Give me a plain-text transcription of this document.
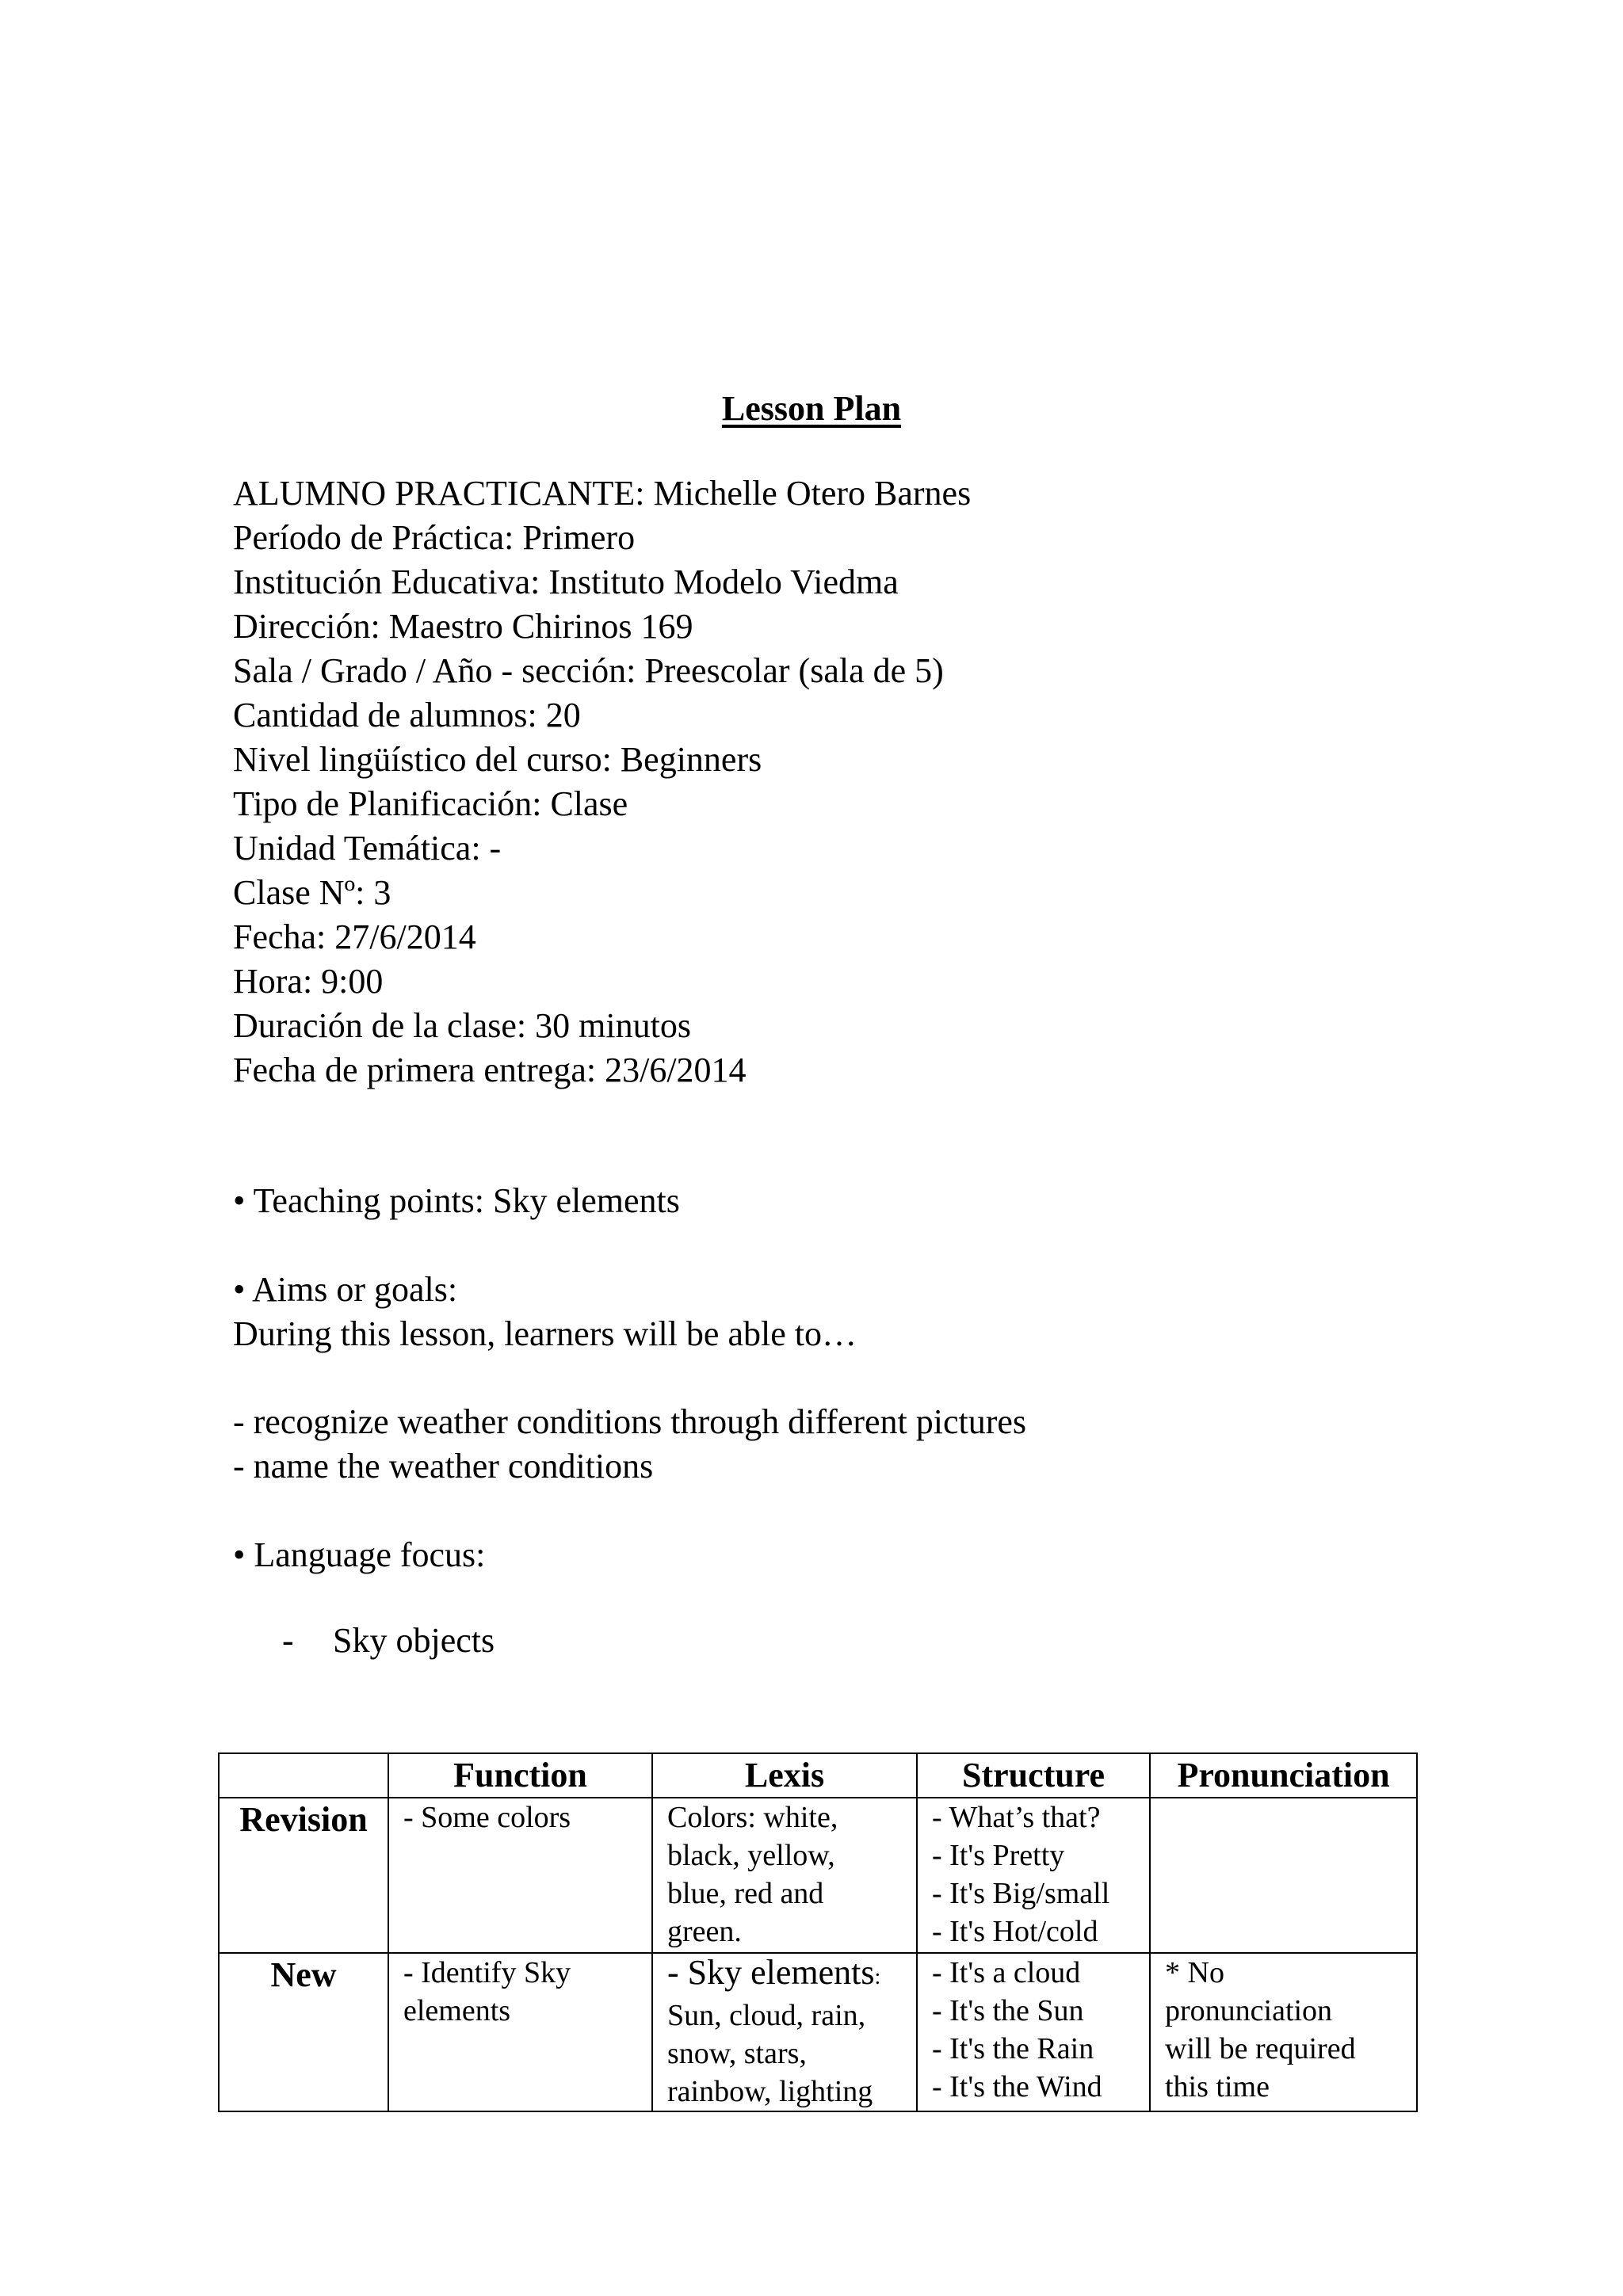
Lesson Plan
ALUMNO PRACTICANTE: Michelle Otero Barnes
Período de Práctica: Primero
Institución Educativa: Instituto Modelo Viedma
Dirección: Maestro Chirinos 169
Sala / Grado / Año - sección: Preescolar (sala de 5)
Cantidad de alumnos: 20
Nivel lingüístico del curso: Beginners
Tipo de Planificación: Clase
Unidad Temática: -
Clase Nº: 3
Fecha: 27/6/2014
Hora: 9:00
Duración de la clase: 30 minutos
Fecha de primera entrega: 23/6/2014
• Teaching points: Sky elements
• Aims or goals:
During this lesson, learners will be able to…
- recognize weather conditions through different pictures
- name the weather conditions
• Language focus:
- Sky objects
	Function	Lexis	Structure	Pronunciation
Revision	- Some colors	Colors: white,
black, yellow,
blue, red and
green.	- What’s that?
- It's Pretty
- It's Big/small
- It's Hot/cold	

New	- Identify Sky
elements	- Sky elements:
Sun, cloud, rain,
snow, stars,
rainbow, lighting	- It's a cloud
- It's the Sun
- It's the Rain
- It's the Wind	* No
pronunciation
will be required
this time
